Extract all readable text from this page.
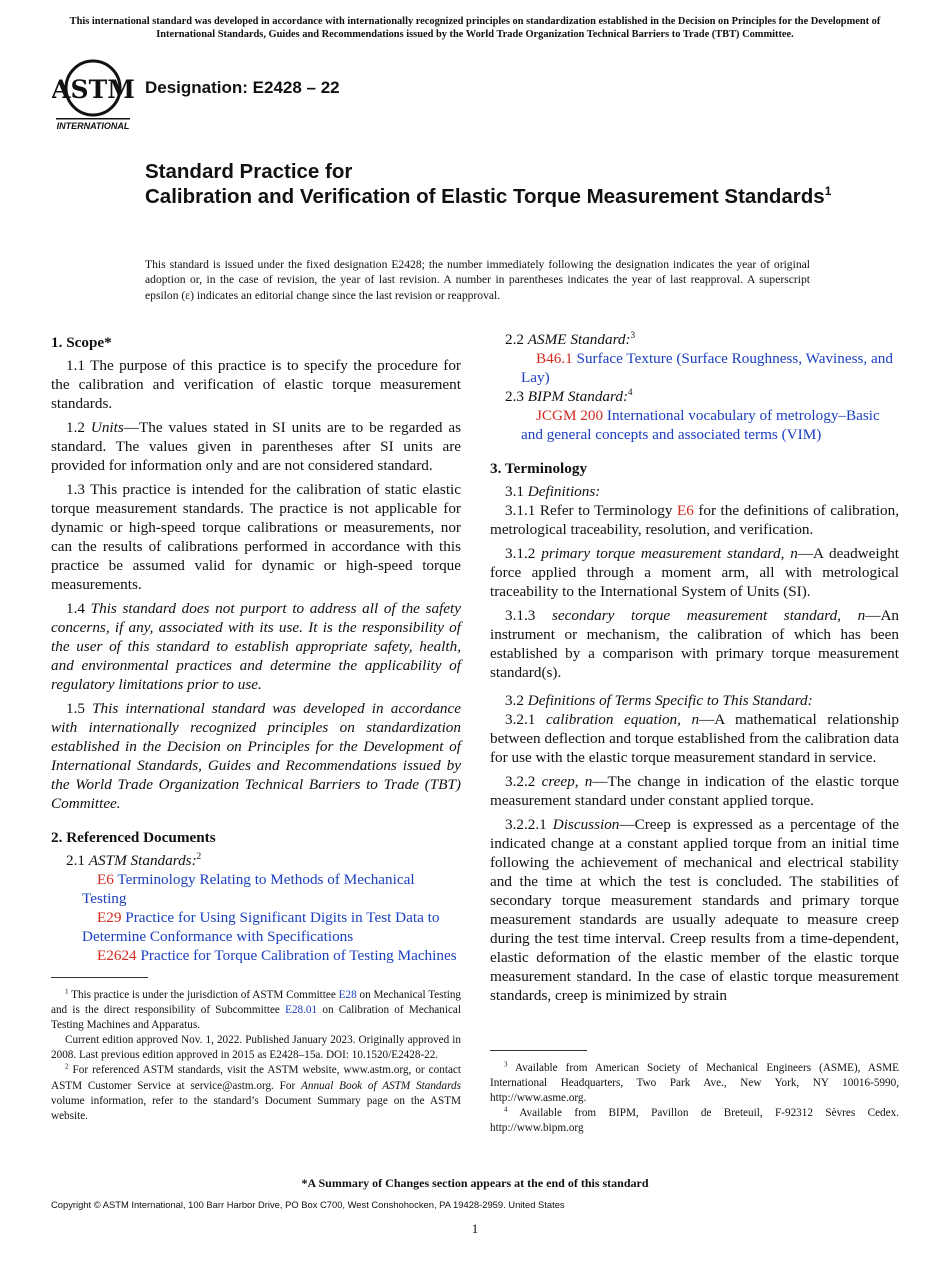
This international standard was developed in accordance with internationally recognized principles on standardization established in the Decision on Principles for the Development of International Standards, Guides and Recommendations issued by the World Trade Organization Technical Barriers to Trade (TBT) Committee.
ASTM
INTERNATIONAL
Designation: E2428 – 22
Standard Practice for
Calibration and Verification of Elastic Torque Measurement Standards$^1$
This standard is issued under the fixed designation E2428; the number immediately following the designation indicates the year of original adoption or, in the case of revision, the year of last revision. A number in parentheses indicates the year of last reapproval. A superscript epsilon (ε) indicates an editorial change since the last revision or reapproval.

1. Scope*

1.1 The purpose of this practice is to specify the procedure for the calibration and verification of elastic torque measurement standards.

1.2 Units—The values stated in SI units are to be regarded as standard. The values given in parentheses after SI units are provided for information only and are not considered standard.

1.3 This practice is intended for the calibration of static elastic torque measurement standards. The practice is not applicable for dynamic or high-speed torque calibrations or measurements, nor can the results of calibrations performed in accordance with this practice be assumed valid for dynamic or high-speed torque measurements.

1.4 This standard does not purport to address all of the safety concerns, if any, associated with its use. It is the responsibility of the user of this standard to establish appropriate safety, health, and environmental practices and determine the applicability of regulatory limitations prior to use.

1.5 This international standard was developed in accordance with internationally recognized principles on standardization established in the Decision on Principles for the Development of International Standards, Guides and Recommendations issued by the World Trade Organization Technical Barriers to Trade (TBT) Committee.

2. Referenced Documents

2.1 ASTM Standards:$^2$

E6 Terminology Relating to Methods of Mechanical Testing

E29 Practice for Using Significant Digits in Test Data to Determine Conformance with Specifications

E2624 Practice for Torque Calibration of Testing Machines

$^1$ This practice is under the jurisdiction of ASTM Committee E28 on Mechanical Testing and is the direct responsibility of Subcommittee E28.01 on Calibration of Mechanical Testing Machines and Apparatus.

Current edition approved Nov. 1, 2022. Published January 2023. Originally approved in 2008. Last previous edition approved in 2015 as E2428–15a. DOI: 10.1520/E2428-22.

$^2$ For referenced ASTM standards, visit the ASTM website, www.astm.org, or contact ASTM Customer Service at service@astm.org. For Annual Book of ASTM Standards volume information, refer to the standard’s Document Summary page on the ASTM website.

2.2 ASME Standard:$^3$

B46.1 Surface Texture (Surface Roughness, Waviness, and Lay)

2.3 BIPM Standard:$^4$

JCGM 200 International vocabulary of metrology–Basic and general concepts and associated terms (VIM)

3. Terminology

3.1 Definitions:

3.1.1 Refer to Terminology E6 for the definitions of calibration, metrological traceability, resolution, and verification.

3.1.2 primary torque measurement standard, n—A deadweight force applied through a moment arm, all with metrological traceability to the International System of Units (SI).

3.1.3 secondary torque measurement standard, n—An instrument or mechanism, the calibration of which has been established by a comparison with primary torque measurement standard(s).

3.2 Definitions of Terms Specific to This Standard:

3.2.1 calibration equation, n—A mathematical relationship between deflection and torque established from the calibration data for use with the elastic torque measurement standard in service.

3.2.2 creep, n—The change in indication of the elastic torque measurement standard under constant applied torque.

3.2.2.1 Discussion—Creep is expressed as a percentage of the indicated change at a constant applied torque from an initial time following the achievement of mechanical and electrical stability and the time at which the test is concluded. The stabilities of secondary torque measurement standards and primary torque measurement standards are usually adequate to measure creep during the test time interval. Creep results from a time-dependent, elastic deformation of the elastic member of the elastic torque measurement standard. In the case of elastic torque measurement standards, creep is minimized by strain

$^3$ Available from American Society of Mechanical Engineers (ASME), ASME International Headquarters, Two Park Ave., New York, NY 10016-5990, http://www.asme.org.

$^4$ Available from BIPM, Pavillon de Breteuil, F-92312 Sèvres Cedex. http://www.bipm.org

*A Summary of Changes section appears at the end of this standard
Copyright © ASTM International, 100 Barr Harbor Drive, PO Box C700, West Conshohocken, PA 19428-2959. United States
1
